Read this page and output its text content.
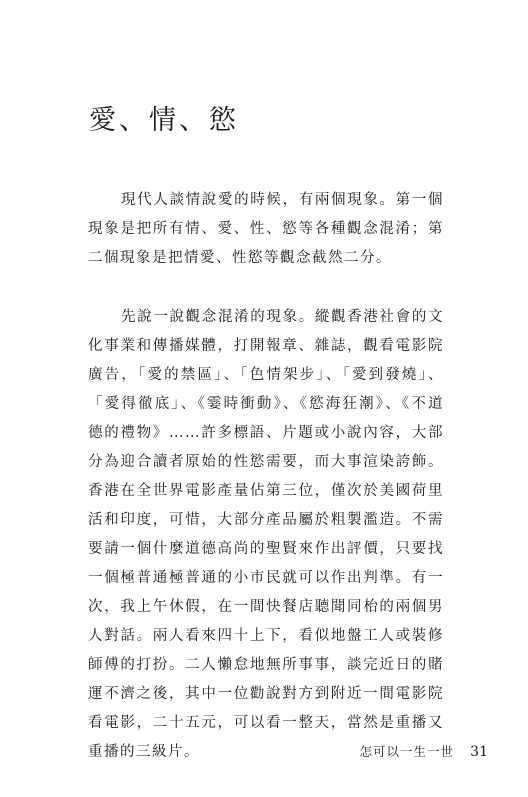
愛、情、慾

現代人談情說愛的時候，有兩個現象。第一個現象是把所有情、愛、性、慾等各種觀念混淆；第二個現象是把情愛、性慾等觀念截然二分。

先說一說觀念混淆的現象。縱觀香港社會的文化事業和傳播媒體，打開報章、雜誌，觀看電影院廣告，「愛的禁區」、「色情架步」、「愛到發燒」、「愛得徹底」、《霎時衝動》、《慾海狂潮》、《不道德的禮物》……許多標語、片題或小說內容，大部分為迎合讀者原始的性慾需要，而大事渲染誇飾。香港在全世界電影產量佔第三位，僅次於美國荷里活和印度，可惜，大部分產品屬於粗製濫造。不需要請一個什麼道德高尚的聖賢來作出評價，只要找一個極普通極普通的小市民就可以作出判準。有一次，我上午休假，在一間快餐店聽聞同枱的兩個男人對話。兩人看來四十上下，看似地盤工人或裝修師傅的打扮。二人懶怠地無所事事，談完近日的賭運不濟之後，其中一位勸說對方到附近一間電影院看電影，二十五元，可以看一整天，當然是重播又重播的三級片。	怎可以一生一世 31
